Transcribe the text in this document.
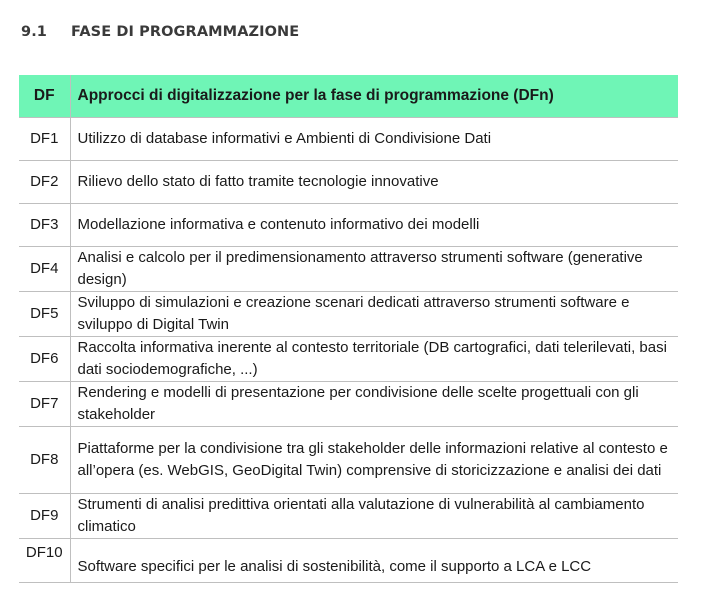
9.1 FASE DI PROGRAMMAZIONE
DF	Approcci di digitalizzazione per la fase di programmazione (DFn)
DF1	Utilizzo di database informativi e Ambienti di Condivisione Dati
DF2	Rilievo dello stato di fatto tramite tecnologie innovative
DF3	Modellazione informativa e contenuto informativo dei modelli
DF4	Analisi e calcolo per il predimensionamento attraverso strumenti software (generative design)
DF5	Sviluppo di simulazioni e creazione scenari dedicati attraverso strumenti software e sviluppo di Digital Twin
DF6	Raccolta informativa inerente al contesto territoriale (DB cartografici, dati telerilevati, basi dati sociodemografiche, ...)
DF7	Rendering e modelli di presentazione per condivisione delle scelte progettuali con gli stakeholder
DF8	Piattaforme per la condivisione tra gli stakeholder delle informazioni relative al contesto e all’opera (es. WebGIS, GeoDigital Twin) comprensive di storicizzazione e analisi dei dati
DF9	Strumenti di analisi predittiva orientati alla valutazione di vulnerabilità al cambiamento climatico
DF10	Software specifici per le analisi di sostenibilità, come il supporto a LCA e LCC
